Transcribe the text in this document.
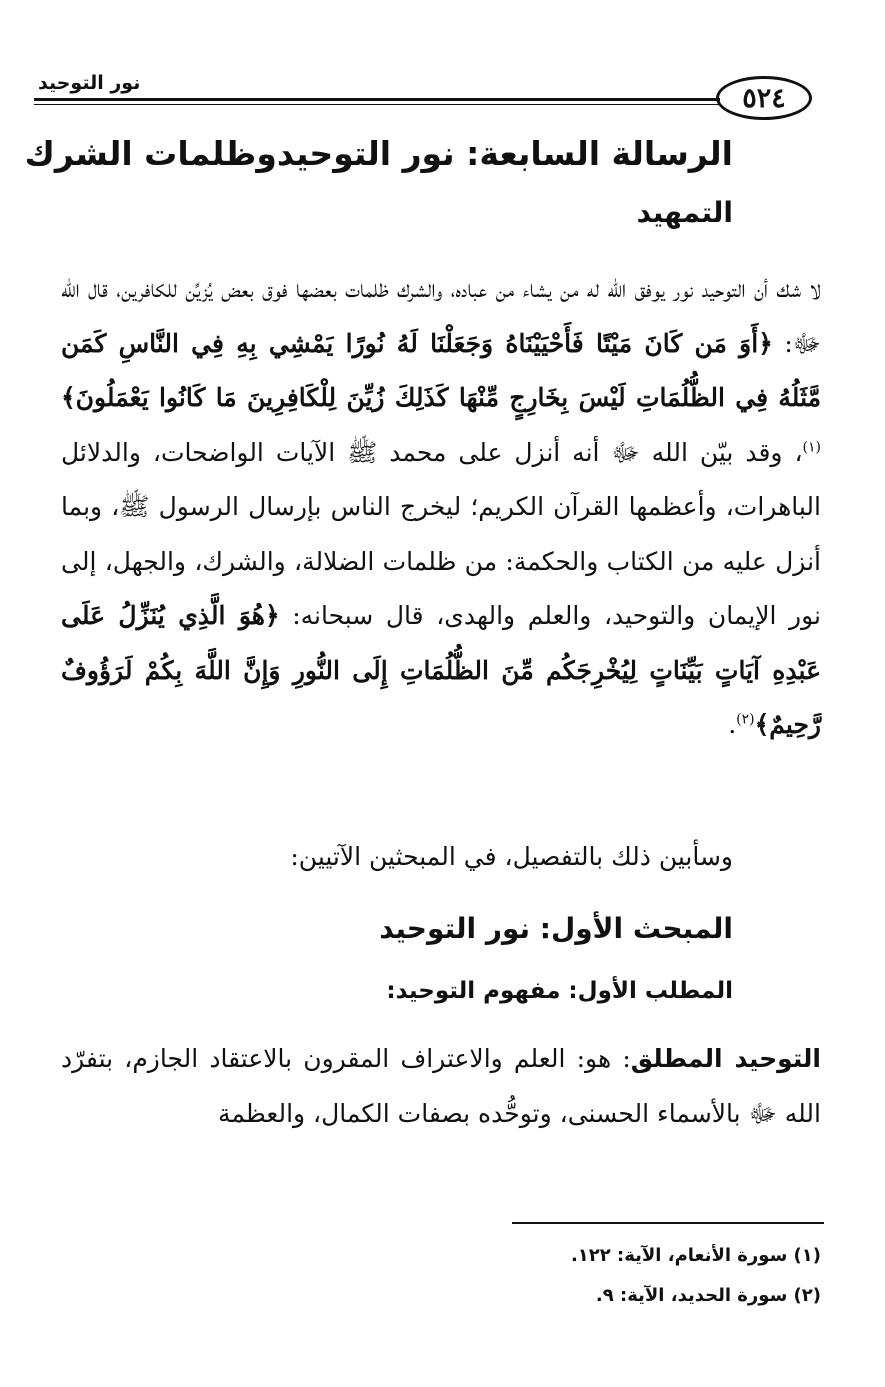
نور التوحيد	٥٢٤
الرسالة السابعة: نور التوحيدوظلمات الشرك
التمهيد
لا شك أن التوحيد نور يوفق الله له من يشاء من عباده، والشرك ظلمات بعضها فوق بعض يُزيِّن للكافرين، قال الله ﷻ: ﴿أَوَ مَن كَانَ مَيْتًا فَأَحْيَيْنَاهُ وَجَعَلْنَا لَهُ نُورًا يَمْشِي بِهِ فِي النَّاسِ كَمَن مَّثَلُهُ فِي الظُّلُمَاتِ لَيْسَ بِخَارِجٍ مِّنْهَا كَذَلِكَ زُيِّنَ لِلْكَافِرِينَ مَا كَانُوا يَعْمَلُونَ﴾$^{(١)}$، وقد بيّن الله ﷻ أنه أنزل على محمد ﷺ الآيات الواضحات، والدلائل الباهرات، وأعظمها القرآن الكريم؛ ليخرج الناس بإرسال الرسول ﷺ، وبما أنزل عليه من الكتاب والحكمة: من ظلمات الضلالة، والشرك، والجهل، إلى نور الإيمان والتوحيد، والعلم والهدى، قال سبحانه: ﴿هُوَ الَّذِي يُنَزِّلُ عَلَى عَبْدِهِ آيَاتٍ بَيِّنَاتٍ لِيُخْرِجَكُم مِّنَ الظُّلُمَاتِ إِلَى النُّورِ وَإِنَّ اللَّهَ بِكُمْ لَرَؤُوفٌ رَّحِيمٌ﴾$^{(٢)}$.
وسأبين ذلك بالتفصيل، في المبحثين الآتيين:
المبحث الأول: نور التوحيد
المطلب الأول: مفهوم التوحيد:
التوحيد المطلق: هو: العلم والاعتراف المقرون بالاعتقاد الجازم، بتفرّد الله ﷻ بالأسماء الحسنى، وتوحُّده بصفات الكمال، والعظمة
(١) سورة الأنعام، الآية: ١٢٢.
(٢) سورة الحديد، الآية: ٩.
